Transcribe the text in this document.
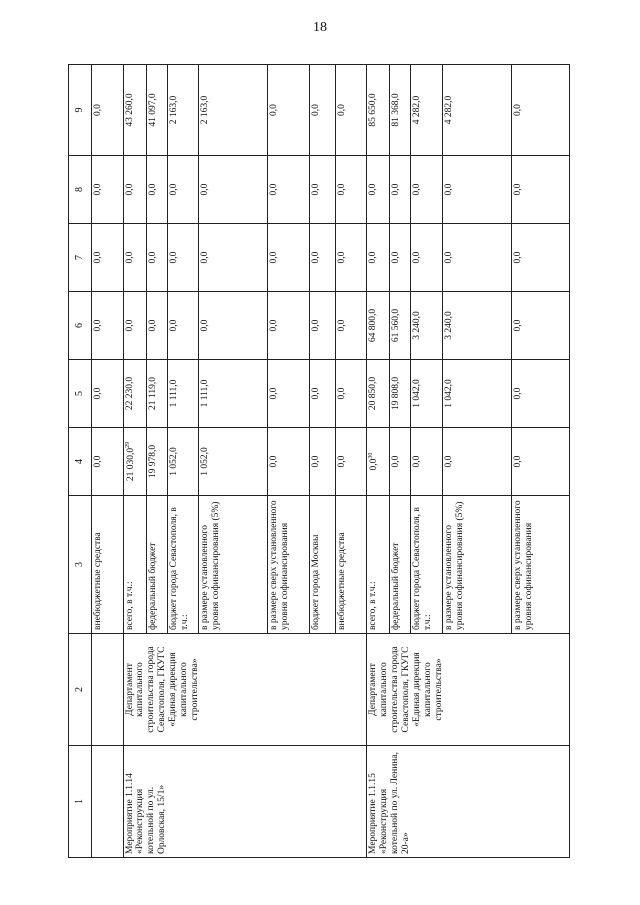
18
1	2	3	4	5	6	7	8	9
		внебюджетные средства	0,0	0,0	0,0	0,0	0,0	0,0
Мероприятие 1.1.14 «Реконструкция котельной по ул. Орловская, 15/1»	Департамент капитального строительства города Севастополя, ГКУГС «Единая дирекция капитального строительства»	всего, в т.ч.:	21 030,0$^{29}$	22 230,0	0,0	0,0	0,0	43 260,0
		федеральный бюджет	19 978,0	21 119,0	0,0	0,0	0,0	41 097,0
		бюджет города Севастополя, в т.ч.:	1 052,0	1 111,0	0,0	0,0	0,0	2 163,0
		в размере установленного уровня софинансирования (5%)	1 052,0	1 111,0	0,0	0,0	0,0	2 163,0
		в размере сверх установленного уровня софинансирования	0,0	0,0	0,0	0,0	0,0	0,0
		бюджет города Москвы	0,0	0,0	0,0	0,0	0,0	0,0
		внебюджетные средства	0,0	0,0	0,0	0,0	0,0	0,0
Мероприятие 1.1.15 «Реконструкция котельной по ул. Ленина, 20-а»	Департамент капитального строительства города Севастополя, ГКУГС «Единая дирекция капитального строительства»	всего, в т.ч.:	$0,0^{30}$	20 850,0	64 800,0	0,0	0,0	85 650,0
		федеральный бюджет	0,0	19 808,0	61 560,0	0,0	0,0	81 368,0
		бюджет города Севастополя, в т.ч.:	0,0	1 042,0	3 240,0	0,0	0,0	4 282,0
		в размере установленного уровня софинансирования (5%)	0,0	1 042,0	3 240,0	0,0	0,0	4 282,0
		в размере сверх установленного уровня софинансирования	0,0	0,0	0,0	0,0	0,0	0,0
